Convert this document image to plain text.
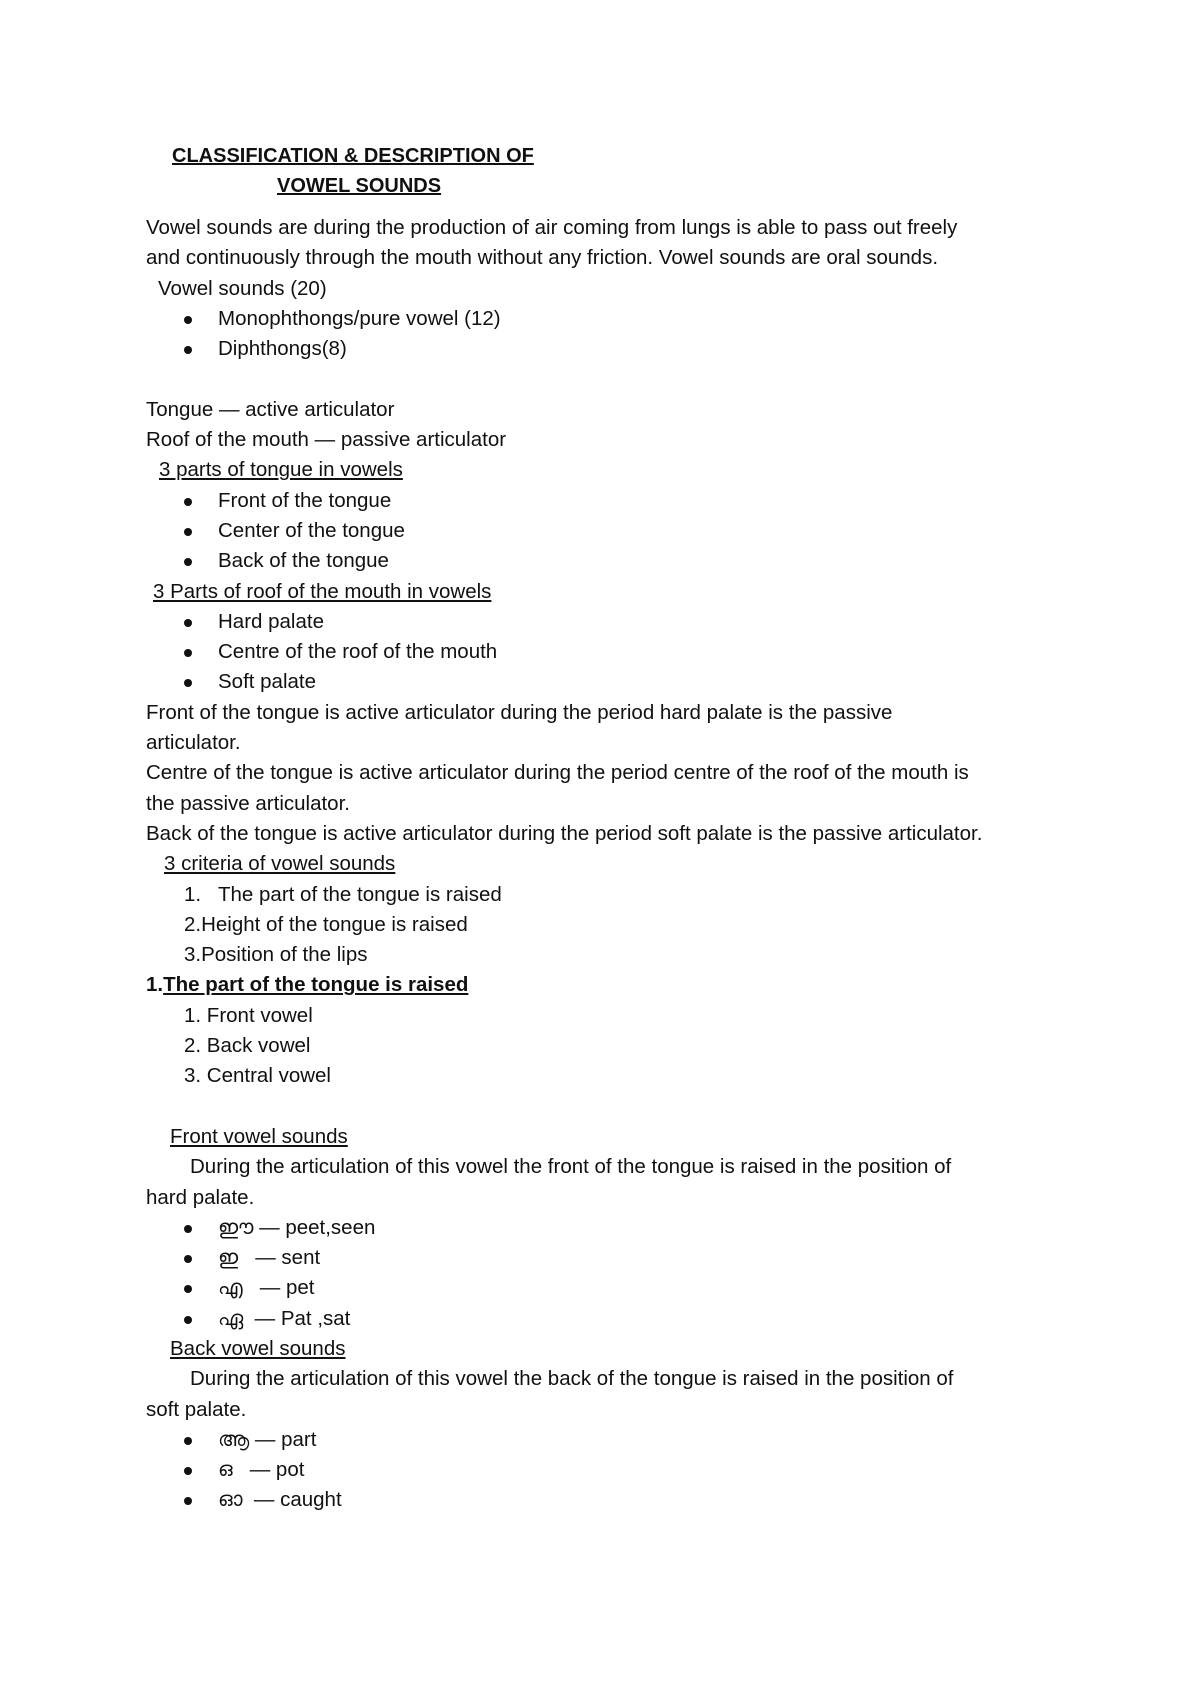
CLASSIFICATION & DESCRIPTION OF
VOWEL SOUNDS
Vowel sounds are during the production of air coming from lungs is able to pass out freely
and continuously through the mouth without any friction. Vowel sounds are oral sounds.
Vowel sounds (20)
Monophthongs/pure vowel (12)
Diphthongs(8)
Tongue — active articulator
Roof of the mouth — passive articulator
3 parts of tongue in vowels
Front of the tongue
Center of the tongue
Back of the tongue
3 Parts of roof of the mouth in vowels
Hard palate
Centre of the roof of the mouth
Soft palate
Front of the tongue is active articulator during the period hard palate is the passive
articulator.
Centre of the tongue is active articulator during the period centre of the roof of the mouth is
the passive articulator.
Back of the tongue is active articulator during the period soft palate is the passive articulator.
3 criteria of vowel sounds
1. The part of the tongue is raised
2.Height of the tongue is raised
3.Position of the lips
1.The part of the tongue is raised
1. Front vowel
2. Back vowel
3. Central vowel
Front vowel sounds
During the articulation of this vowel the front of the tongue is raised in the position of
hard palate.
ഈ — peet,seen
ഇ — sent
എ — pet
ഏ — Pat ,sat
Back vowel sounds
During the articulation of this vowel the back of the tongue is raised in the position of
soft palate.
ആ — part
ഒ — pot
ഓ — caught
